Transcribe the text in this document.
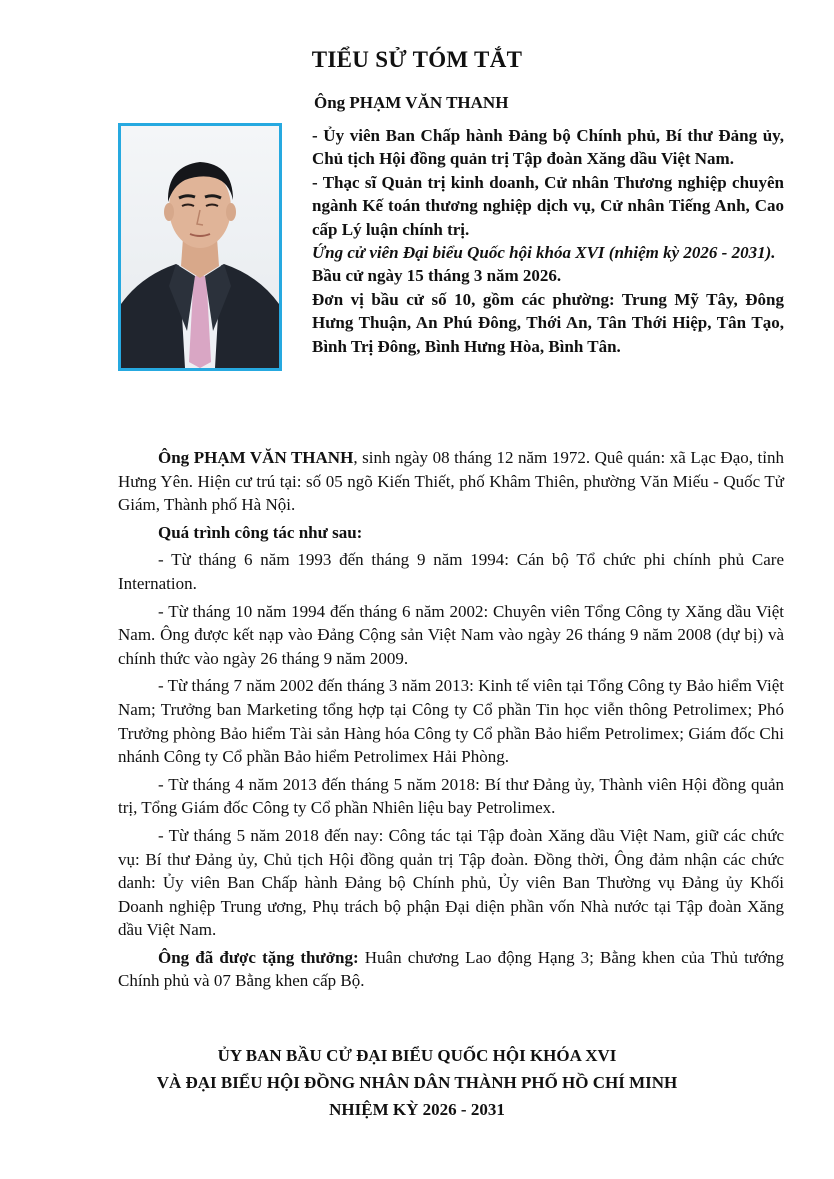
TIỂU SỬ TÓM TẮT
Ông PHẠM VĂN THANH

- Ủy viên Ban Chấp hành Đảng bộ Chính phủ, Bí thư Đảng ủy, Chủ tịch Hội đồng quản trị Tập đoàn Xăng dầu Việt Nam.

- Thạc sĩ Quản trị kinh doanh, Cử nhân Thương nghiệp chuyên ngành Kế toán thương nghiệp dịch vụ, Cử nhân Tiếng Anh, Cao cấp Lý luận chính trị.

Ứng cử viên Đại biểu Quốc hội khóa XVI (nhiệm kỳ 2026 - 2031).

Bầu cử ngày 15 tháng 3 năm 2026.

Đơn vị bầu cử số 10, gồm các phường: Trung Mỹ Tây, Đông Hưng Thuận, An Phú Đông, Thới An, Tân Thới Hiệp, Tân Tạo, Bình Trị Đông, Bình Hưng Hòa, Bình Tân.

Ông PHẠM VĂN THANH, sinh ngày 08 tháng 12 năm 1972. Quê quán: xã Lạc Đạo, tỉnh Hưng Yên. Hiện cư trú tại: số 05 ngõ Kiến Thiết, phố Khâm Thiên, phường Văn Miếu - Quốc Tử Giám, Thành phố Hà Nội.

Quá trình công tác như sau:

- Từ tháng 6 năm 1993 đến tháng 9 năm 1994: Cán bộ Tổ chức phi chính phủ Care Internation.

- Từ tháng 10 năm 1994 đến tháng 6 năm 2002: Chuyên viên Tổng Công ty Xăng dầu Việt Nam. Ông được kết nạp vào Đảng Cộng sản Việt Nam vào ngày 26 tháng 9 năm 2008 (dự bị) và chính thức vào ngày 26 tháng 9 năm 2009.

- Từ tháng 7 năm 2002 đến tháng 3 năm 2013: Kinh tế viên tại Tổng Công ty Bảo hiểm Việt Nam; Trưởng ban Marketing tổng hợp tại Công ty Cổ phần Tin học viễn thông Petrolimex; Phó Trưởng phòng Bảo hiểm Tài sản Hàng hóa Công ty Cổ phần Bảo hiểm Petrolimex; Giám đốc Chi nhánh Công ty Cổ phần Bảo hiểm Petrolimex Hải Phòng.

- Từ tháng 4 năm 2013 đến tháng 5 năm 2018: Bí thư Đảng ủy, Thành viên Hội đồng quản trị, Tổng Giám đốc Công ty Cổ phần Nhiên liệu bay Petrolimex.

- Từ tháng 5 năm 2018 đến nay: Công tác tại Tập đoàn Xăng dầu Việt Nam, giữ các chức vụ: Bí thư Đảng ủy, Chủ tịch Hội đồng quản trị Tập đoàn. Đồng thời, Ông đảm nhận các chức danh: Ủy viên Ban Chấp hành Đảng bộ Chính phủ, Ủy viên Ban Thường vụ Đảng ủy Khối Doanh nghiệp Trung ương, Phụ trách bộ phận Đại diện phần vốn Nhà nước tại Tập đoàn Xăng dầu Việt Nam.

Ông đã được tặng thưởng: Huân chương Lao động Hạng 3; Bằng khen của Thủ tướng Chính phủ và 07 Bằng khen cấp Bộ.

ỦY BAN BẦU CỬ ĐẠI BIỂU QUỐC HỘI KHÓA XVI
VÀ ĐẠI BIỂU HỘI ĐỒNG NHÂN DÂN THÀNH PHỐ HỒ CHÍ MINH
NHIỆM KỲ 2026 - 2031
